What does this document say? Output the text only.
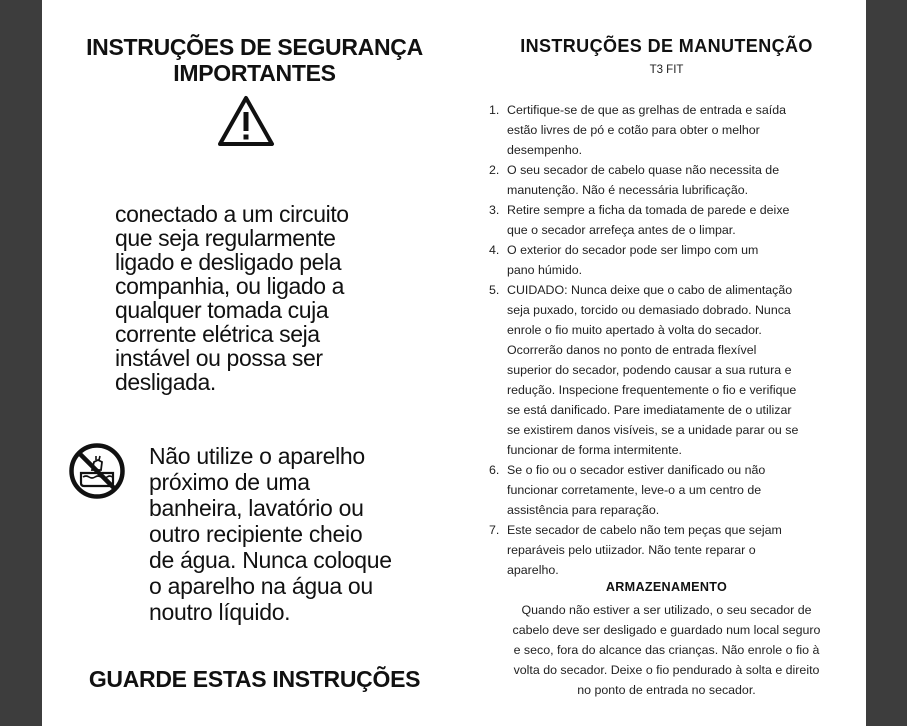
INSTRUÇÕES DE SEGURANÇA
IMPORTANTES

conectado a um circuito
que seja regularmente
ligado e desligado pela
companhia, ou ligado a
qualquer tomada cuja
corrente elétrica seja
instável ou possa ser
desligada.

Não utilize o aparelho
próximo de uma
banheira, lavatório ou
outro recipiente cheio
de água. Nunca coloque
o aparelho na água ou
noutro líquido.

GUARDE ESTAS INSTRUÇÕES
INSTRUÇÕES DE MANUTENÇÃO
T3 FIT
1. Certifique-se de que as grelhas de entrada e saída
estão livres de pó e cotão para obter o melhor
desempenho.
2. O seu secador de cabelo quase não necessita de
manutenção. Não é necessária lubrificação.
3. Retire sempre a ficha da tomada de parede e deixe
que o secador arrefeça antes de o limpar.
4. O exterior do secador pode ser limpo com um
pano húmido.
5. CUIDADO: Nunca deixe que o cabo de alimentação
seja puxado, torcido ou demasiado dobrado. Nunca
enrole o fio muito apertado à volta do secador.
Ocorrerão danos no ponto de entrada flexível
superior do secador, podendo causar a sua rutura e
redução. Inspecione frequentemente o fio e verifique
se está danificado. Pare imediatamente de o utilizar
se existirem danos visíveis, se a unidade parar ou se
funcionar de forma intermitente.
6. Se o fio ou o secador estiver danificado ou não
funcionar corretamente, leve-o a um centro de
assistência para reparação.
7. Este secador de cabelo não tem peças que sejam
reparáveis pelo utiizador. Não tente reparar o
aparelho.
ARMAZENAMENTO
Quando não estiver a ser utilizado, o seu secador de
cabelo deve ser desligado e guardado num local seguro
e seco, fora do alcance das crianças. Não enrole o fio à
volta do secador. Deixe o fio pendurado à solta e direito
no ponto de entrada no secador.
